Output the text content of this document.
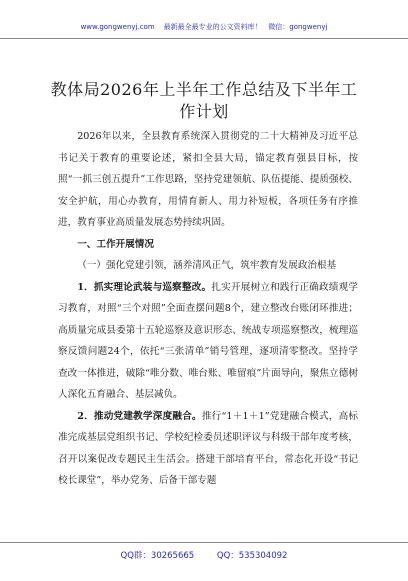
www.gongwenyj.com 最新最全最专业的公文资料库！ 微信：gongwenyj
教体局2026年上半年工作总结及下半年工作计划

2026年以来，全县教育系统深入贯彻党的二十大精神及习近平总书记关于教育的重要论述，紧扣全县大局，锚定教育强县目标，按照“一抓三创五提升”工作思路，坚持党建领航、队伍提能、提质强校、安全护航，用心办教育，用情育新人、用力补短板，各项任务有序推进，教育事业高质量发展态势持续巩固。

一、工作开展情况

（一）强化党建引领，涵养清风正气，筑牢教育发展政治根基

1．抓实理论武装与巡察整改。扎实开展树立和践行正确政绩观学习教育，对照“三个对照”全面查摆问题8个，建立整改台账闭环推进；高质量完成县委第十五轮巡察及意识形态、统战专项巡察整改，梳理巡察反馈问题24个，依托“三张清单”销号管理，逐项清零整改。坚持学查改一体推进，破除“唯分数、唯台账、唯留痕”片面导向，聚焦立德树人深化五育融合、基层减负。

2．推动党建教学深度融合。推行“1＋1＋1”党建融合模式，高标准完成基层党组织书记、学校纪检委员述职评议与科级干部年度考核，召开以案促改专题民主生活会。搭建干部培育平台，常态化开设“书记校长课堂”，举办党务、后备干部专题

QQ群：30265665	QQ：535304092
